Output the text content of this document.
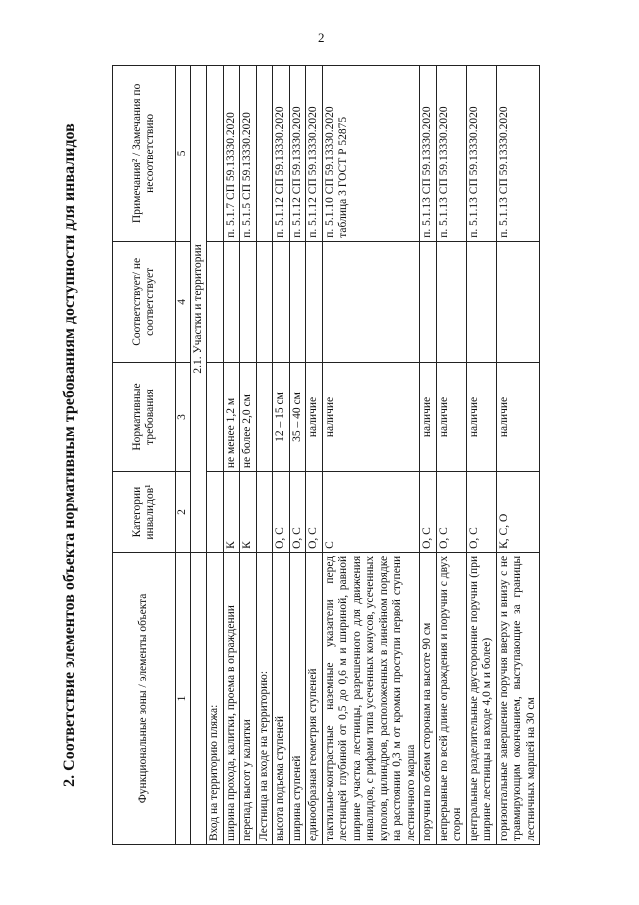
2
2. Соответствие элементов объекта нормативным требованиям доступности для инвалидов	Функциональные зоны / элементы объекта	Категории инвалидов¹	Нормативные требования	Соответствует/ не соответствует	Примечания² / Замечания по несоответствию
1	2	3	4	5
	2.1. Участки и территории			
Вход на территорию пляжа:				
ширина прохода, калитки, проема в ограждении	К	не менее 1,2 м		п. 5.1.7 СП 59.13330.2020
перепад высот у калитки	К	не более 2,0 см		п. 5.1.5 СП 59.13330.2020
Лестница на входе на территорию:				
высота подъема ступеней	О, С	12 – 15 см		п. 5.1.12 СП 59.13330.2020
ширина ступеней	О, С	35 – 40 см		п. 5.1.12 СП 59.13330.2020
единообразная геометрия ступеней	О, С	наличие		п. 5.1.12 СП 59.13330.2020
тактильно-контрастные наземные указатели перед лестницей глубиной от 0,5 до 0,6 м и шириной, равной ширине участка лестницы, разрешенного для движения инвалидов, с рифами типа усеченных конусов, усеченных куполов, цилиндров, расположенных в линейном порядке на расстоянии 0,3 м от кромки проступи первой ступени лестничного марша	С	наличие		п. 5.1.10 СП 59.13330.2020 таблица 3 ГОСТ Р 52875
поручни по обеим сторонам на высоте 90 см	О, С	наличие		п. 5.1.13 СП 59.13330.2020
непрерывные по всей длине ограждения и поручни с двух сторон	О, С	наличие		п. 5.1.13 СП 59.13330.2020
центральные разделительные двусторонние поручни (при ширине лестницы на входе 4,0 м и более)	О, С	наличие		п. 5.1.13 СП 59.13330.2020
горизонтальные завершение поручня вверху и внизу с не травмирующим окончанием, выступающие за границы лестничных маршей на 30 см	К, С, О	наличие		п. 5.1.13 СП 59.13330.2020
